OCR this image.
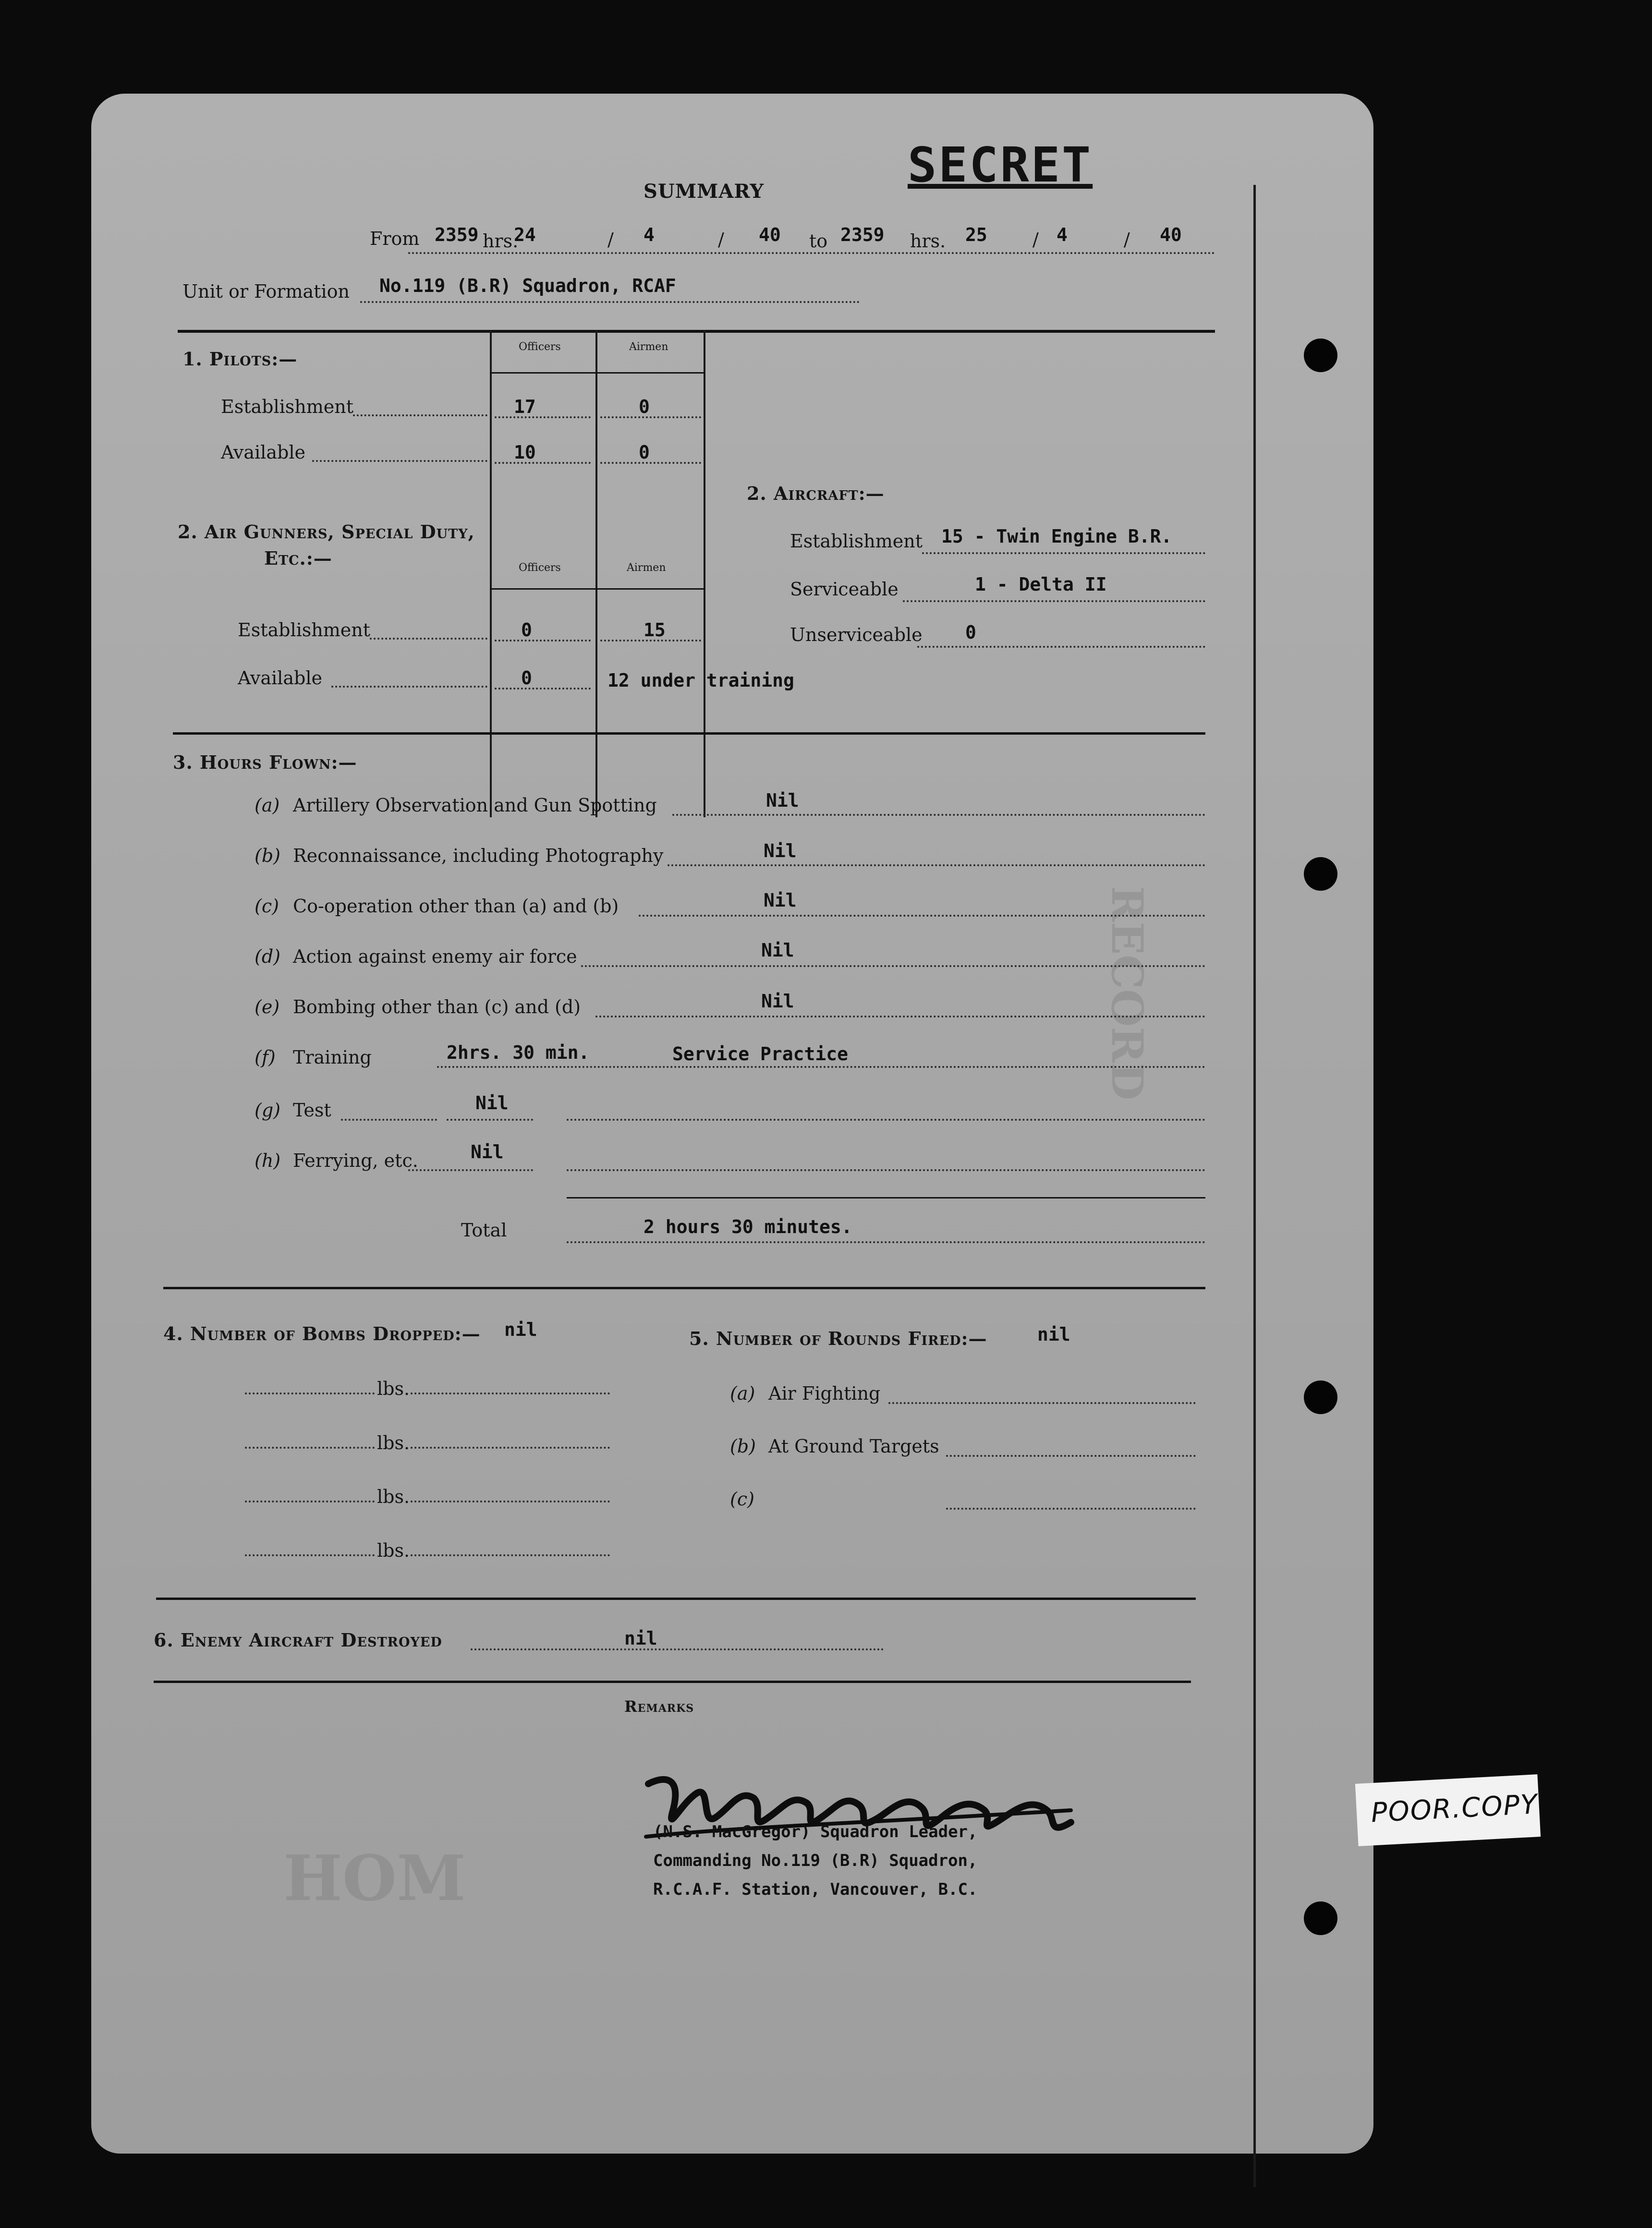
RECORD
HOM
SECRET
SUMMARY
From 2359 hrs.
24	/ 4	/ 40 to 2359 hrs. 25 / 4	/ 40
Unit or Formation No.119 (B.R) Squadron, RCAF
1. Pilots:—
Officers	Airmen
Establishment	17	0
Available	10	0
2. Air Gunners, Special Duty,
Etc.:—	Officers	Airmen
Establishment	0	15
Available	0	12 under training
2. Aircraft:—
Establishment 15 - Twin Engine B.R.
Serviceable	1 - Delta II
Unserviceable 0
3. Hours Flown:—
(a) Artillery Observation and Gun Spotting	Nil
(b) Reconnaissance, including Photography	Nil
(c) Co-operation other than (a) and (b)	Nil
(d) Action against enemy air force	Nil
(e) Bombing other than (c) and (d)	Nil
(f) Training	2hrs. 30 min.	Service Practice
(g) Test	Nil
(h) Ferrying, etc.	Nil
Total	2 hours 30 minutes.
4. Number of Bombs Dropped:— nil
lbs.
lbs.
lbs.
lbs.
5. Number of Rounds Fired:—	nil
(a) Air Fighting
(b) At Ground Targets
(c)
6. Enemy Aircraft Destroyed	nil
Remarks
(N.S. MacGregor) Squadron Leader,
Commanding No.119 (B.R) Squadron,
R.C.A.F. Station, Vancouver, B.C.
POOR.COPY
